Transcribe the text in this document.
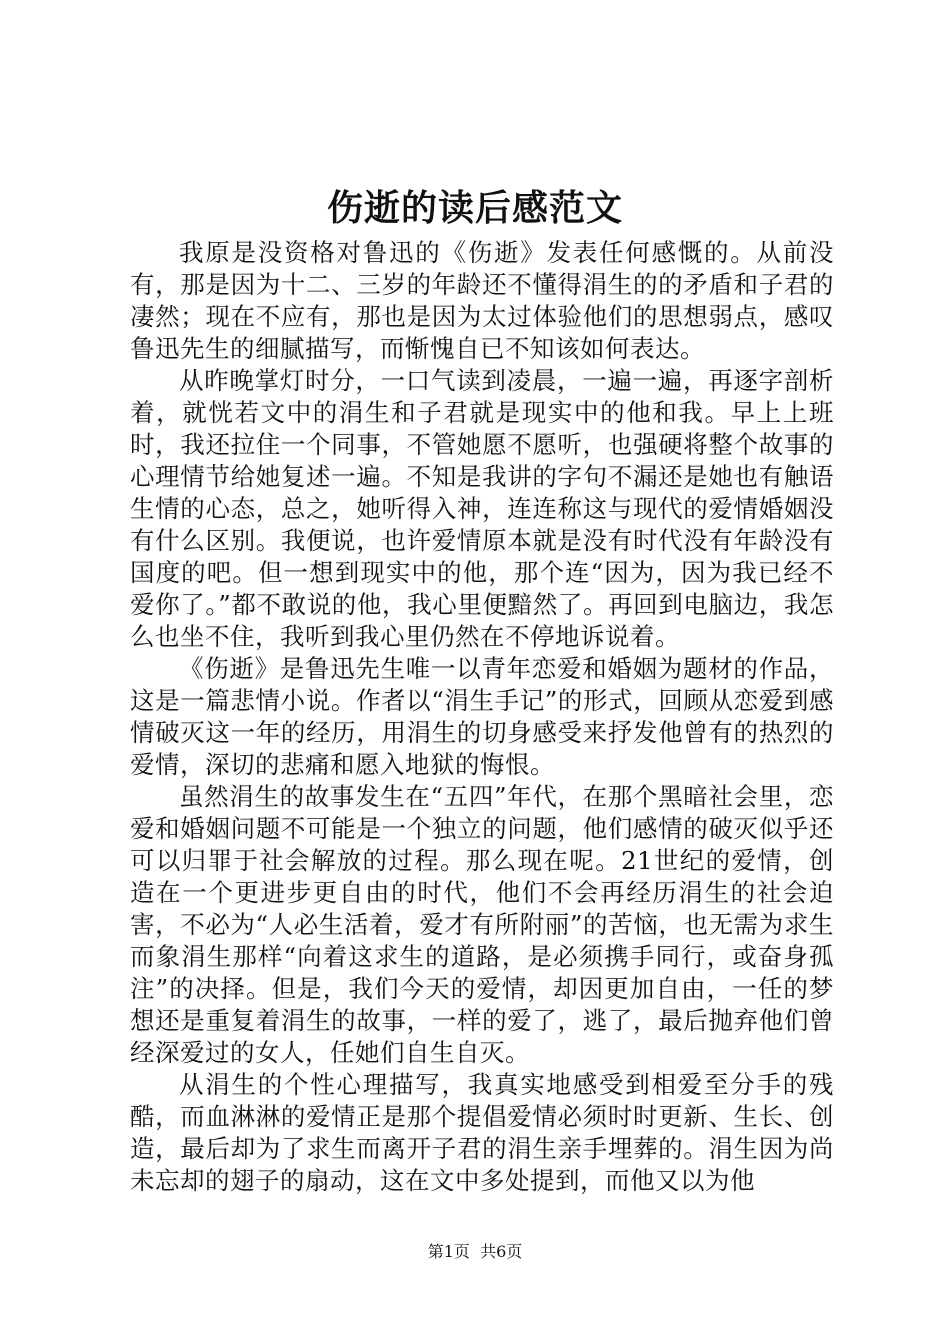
伤逝的读后感范文

我原是没资格对鲁迅的《伤逝》发表任何感慨的。从前没有，那是因为十二、三岁的年龄还不懂得涓生的的矛盾和子君的凄然；现在不应有，那也是因为太过体验他们的思想弱点，感叹鲁迅先生的细腻描写，而惭愧自已不知该如何表达。

从昨晚掌灯时分，一口气读到凌晨，一遍一遍，再逐字剖析着，就恍若文中的涓生和子君就是现实中的他和我。早上上班时，我还拉住一个同事，不管她愿不愿听，也强硬将整个故事的心理情节给她复述一遍。不知是我讲的字句不漏还是她也有触语生情的心态，总之，她听得入神，连连称这与现代的爱情婚姻没有什么区别。我便说，也许爱情原本就是没有时代没有年龄没有国度的吧。但一想到现实中的他，那个连“因为，因为我已经不爱你了。”都不敢说的他，我心里便黯然了。再回到电脑边，我怎么也坐不住，我听到我心里仍然在不停地诉说着。

《伤逝》是鲁迅先生唯一以青年恋爱和婚姻为题材的作品，这是一篇悲情小说。作者以“涓生手记”的形式，回顾从恋爱到感情破灭这一年的经历，用涓生的切身感受来抒发他曾有的热烈的爱情，深切的悲痛和愿入地狱的悔恨。

虽然涓生的故事发生在“五四”年代，在那个黑暗社会里，恋爱和婚姻问题不可能是一个独立的问题，他们感情的破灭似乎还可以归罪于社会解放的过程。那么现在呢。21世纪的爱情，创造在一个更进步更自由的时代，他们不会再经历涓生的社会迫害，不必为“人必生活着，爱才有所附丽”的苦恼，也无需为求生而象涓生那样“向着这求生的道路，是必须携手同行，或奋身孤注”的决择。但是，我们今天的爱情，却因更加自由，一任的梦想还是重复着涓生的故事，一样的爱了，逃了，最后抛弃他们曾经深爱过的女人，任她们自生自灭。

从涓生的个性心理描写，我真实地感受到相爱至分手的残酷，而血淋淋的爱情正是那个提倡爱情必须时时更新、生长、创造，最后却为了求生而离开子君的涓生亲手埋葬的。涓生因为尚未忘却的翅子的扇动，这在文中多处提到，而他又以为他

第1页  共6页
